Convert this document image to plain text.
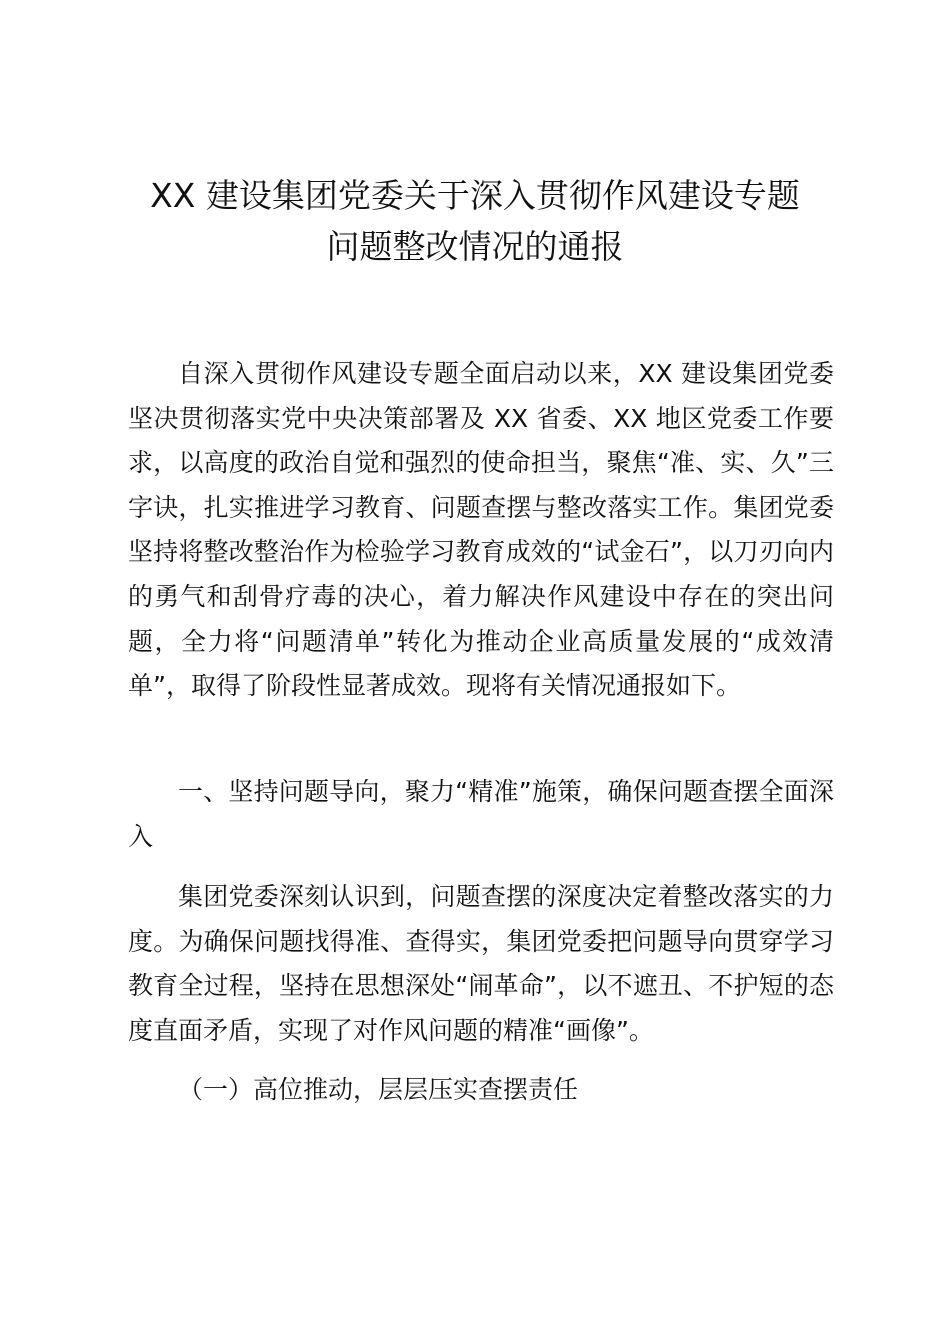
XX 建设集团党委关于深入贯彻作风建设专题
问题整改情况的通报
自深入贯彻作风建设专题全面启动以来，XX 建设集团党委坚决贯彻落实党中央决策部署及 XX 省委、XX 地区党委工作要求，以高度的政治自觉和强烈的使命担当，聚焦“准、实、久”三字诀，扎实推进学习教育、问题查摆与整改落实工作。集团党委坚持将整改整治作为检验学习教育成效的“试金石”，以刀刃向内的勇气和刮骨疗毒的决心，着力解决作风建设中存在的突出问题，全力将“问题清单”转化为推动企业高质量发展的“成效清单”，取得了阶段性显著成效。现将有关情况通报如下。
一、坚持问题导向，聚力“精准”施策，确保问题查摆全面深入
集团党委深刻认识到，问题查摆的深度决定着整改落实的力度。为确保问题找得准、查得实，集团党委把问题导向贯穿学习教育全过程，坚持在思想深处“闹革命”，以不遮丑、不护短的态度直面矛盾，实现了对作风问题的精准“画像”。
（一）高位推动，层层压实查摆责任
